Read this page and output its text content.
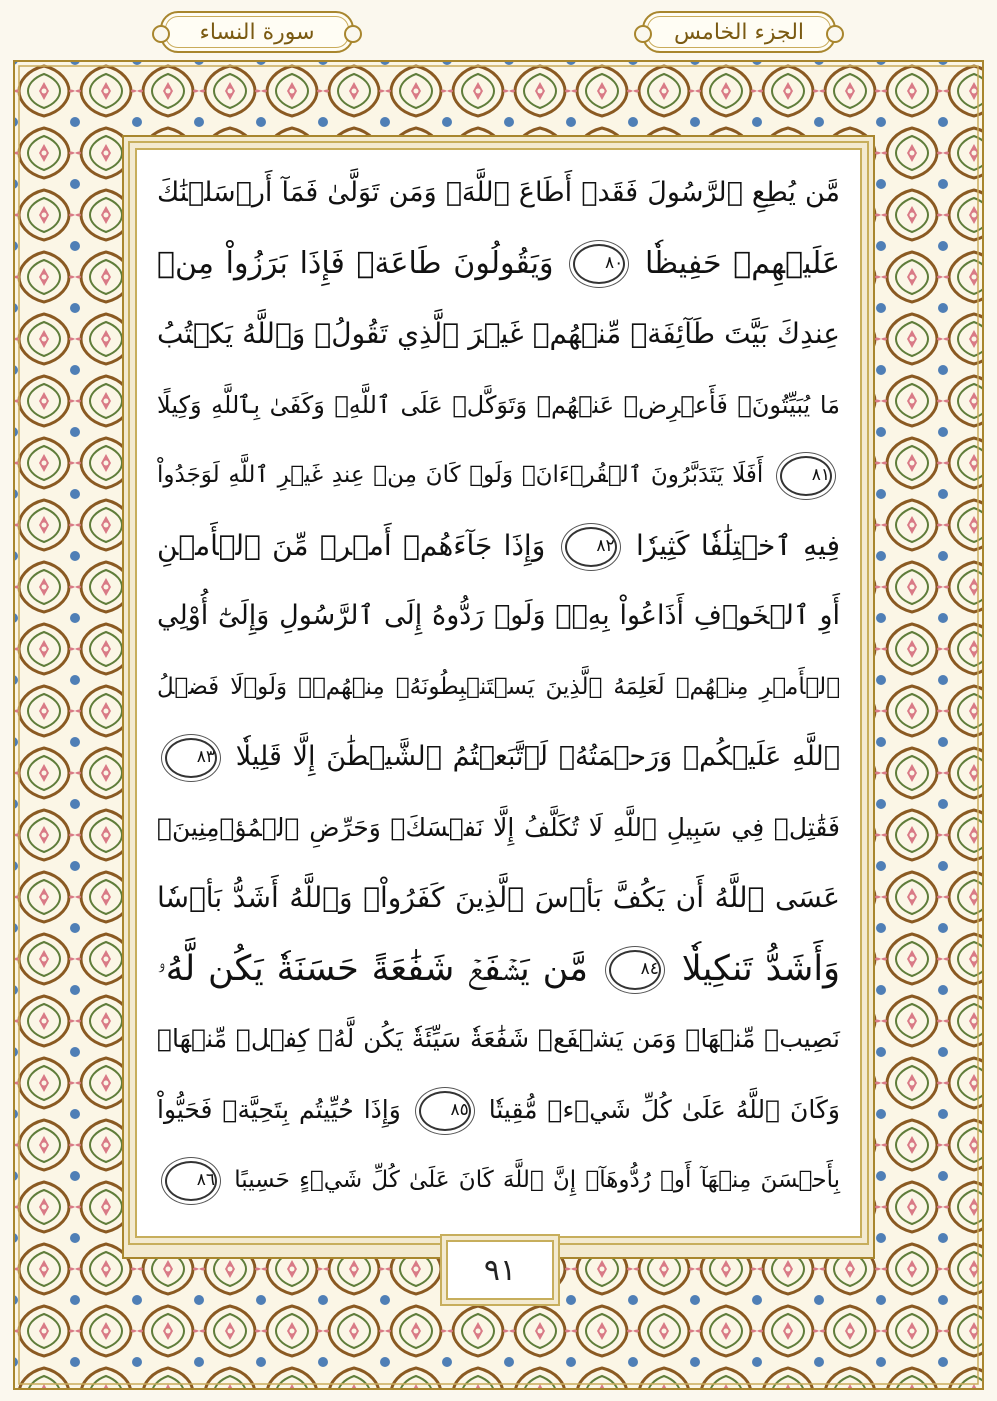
سورة النساء	الجزء الخامس
مَّن يُطِعِ ٱلرَّسُولَ فَقَدۡ أَطَاعَ ٱللَّهَۖ وَمَن تَوَلَّىٰ فَمَآ أَرۡسَلۡنَٰكَ
عَلَيۡهِمۡ حَفِيظٗا ٨٠ وَيَقُولُونَ طَاعَةٞ فَإِذَا بَرَزُواْ مِنۡ
عِندِكَ بَيَّتَ طَآئِفَةٞ مِّنۡهُمۡ غَيۡرَ ٱلَّذِي تَقُولُۖ وَٱللَّهُ يَكۡتُبُ
مَا يُبَيِّتُونَۖ فَأَعۡرِضۡ عَنۡهُمۡ وَتَوَكَّلۡ عَلَى ٱللَّهِۚ وَكَفَىٰ بِٱللَّهِ وَكِيلًا
٨١ أَفَلَا يَتَدَبَّرُونَ ٱلۡقُرۡءَانَۚ وَلَوۡ كَانَ مِنۡ عِندِ غَيۡرِ ٱللَّهِ لَوَجَدُواْ
فِيهِ ٱخۡتِلَٰفٗا كَثِيرٗا ٨٢ وَإِذَا جَآءَهُمۡ أَمۡرٞ مِّنَ ٱلۡأَمۡنِ
أَوِ ٱلۡخَوۡفِ أَذَاعُواْ بِهِۦۖ وَلَوۡ رَدُّوهُ إِلَى ٱلرَّسُولِ وَإِلَىٰٓ أُوْلِي
ٱلۡأَمۡرِ مِنۡهُمۡ لَعَلِمَهُ ٱلَّذِينَ يَسۡتَنۢبِطُونَهُۥ مِنۡهُمۡۗ وَلَوۡلَا فَضۡلُ
ٱللَّهِ عَلَيۡكُمۡ وَرَحۡمَتُهُۥ لَٱتَّبَعۡتُمُ ٱلشَّيۡطَٰنَ إِلَّا قَلِيلٗا ٨٣
فَقَٰتِلۡ فِي سَبِيلِ ٱللَّهِ لَا تُكَلَّفُ إِلَّا نَفۡسَكَۚ وَحَرِّضِ ٱلۡمُؤۡمِنِينَۖ
عَسَى ٱللَّهُ أَن يَكُفَّ بَأۡسَ ٱلَّذِينَ كَفَرُواْۚ وَٱللَّهُ أَشَدُّ بَأۡسٗا
وَأَشَدُّ تَنكِيلٗا ٨٤ مَّن يَشۡفَعۡ شَفَٰعَةً حَسَنَةٗ يَكُن لَّهُۥ
نَصِيبٞ مِّنۡهَاۖ وَمَن يَشۡفَعۡ شَفَٰعَةٗ سَيِّئَةٗ يَكُن لَّهُۥ كِفۡلٞ مِّنۡهَاۗ
وَكَانَ ٱللَّهُ عَلَىٰ كُلِّ شَيۡءٖ مُّقِيتٗا ٨٥ وَإِذَا حُيِّيتُم بِتَحِيَّةٖ فَحَيُّواْ
بِأَحۡسَنَ مِنۡهَآ أَوۡ رُدُّوهَآۗ إِنَّ ٱللَّهَ كَانَ عَلَىٰ كُلِّ شَيۡءٍ حَسِيبًا ٨٦
٩١
